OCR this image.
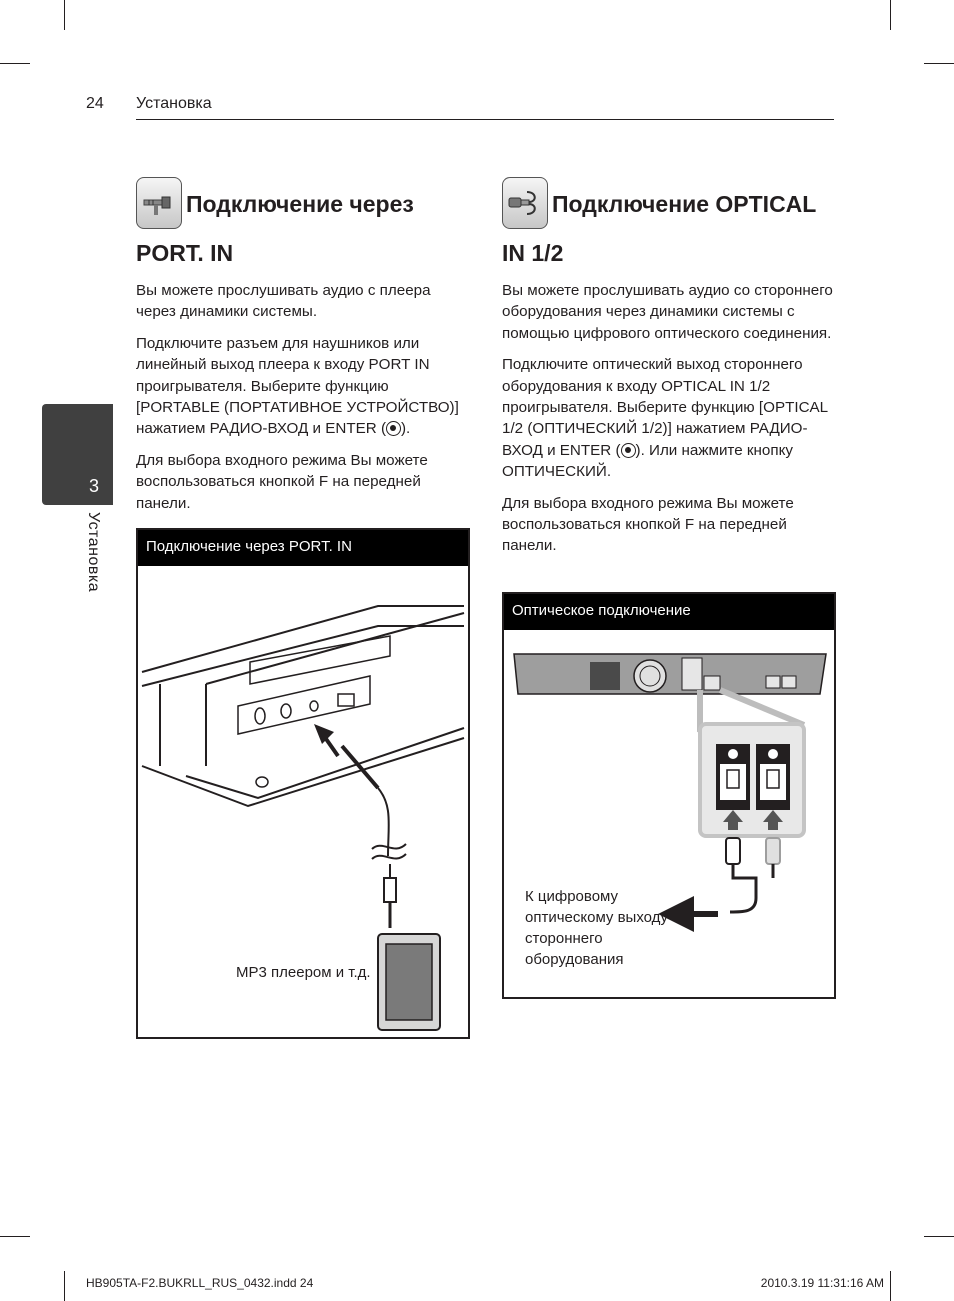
24 Установка
3
Установка
Подключение через PORT. IN

Вы можете прослушивать аудио с плеера через динамики системы.

Подключите разъем для наушников или линейный выход плеера к входу PORT IN проигрывателя. Выберите функцию [PORTABLE (ПОРТАТИВНОЕ УСТРОЙСТВО)] нажатием РАДИО-ВХОД и ENTER ( ).

Для выбора входного режима Вы можете воспользоваться кнопкой F на передней панели.

Подключение через PORT. IN
MP3 плеером и т.д.
Подключение OPTICAL IN 1/2

Вы можете прослушивать аудио со стороннего оборудования через динамики системы с помощью цифрового оптического соединения.

Подключите оптический выход стороннего оборудования к входу OPTICAL IN 1/2 проигрывателя. Выберите функцию [OPTICAL 1/2 (ОПТИЧЕСКИЙ 1/2)] нажатием РАДИО-ВХОД и ENTER ( ). Или нажмите кнопку ОПТИЧЕСКИЙ.

Для выбора входного режима Вы можете воспользоваться кнопкой F на передней панели.

Оптическое подключение
К цифровому оптическому выходу стороннего оборудования
HB905TA-F2.BUKRLL_RUS_0432.indd 24	2010.3.19 11:31:16 AM
